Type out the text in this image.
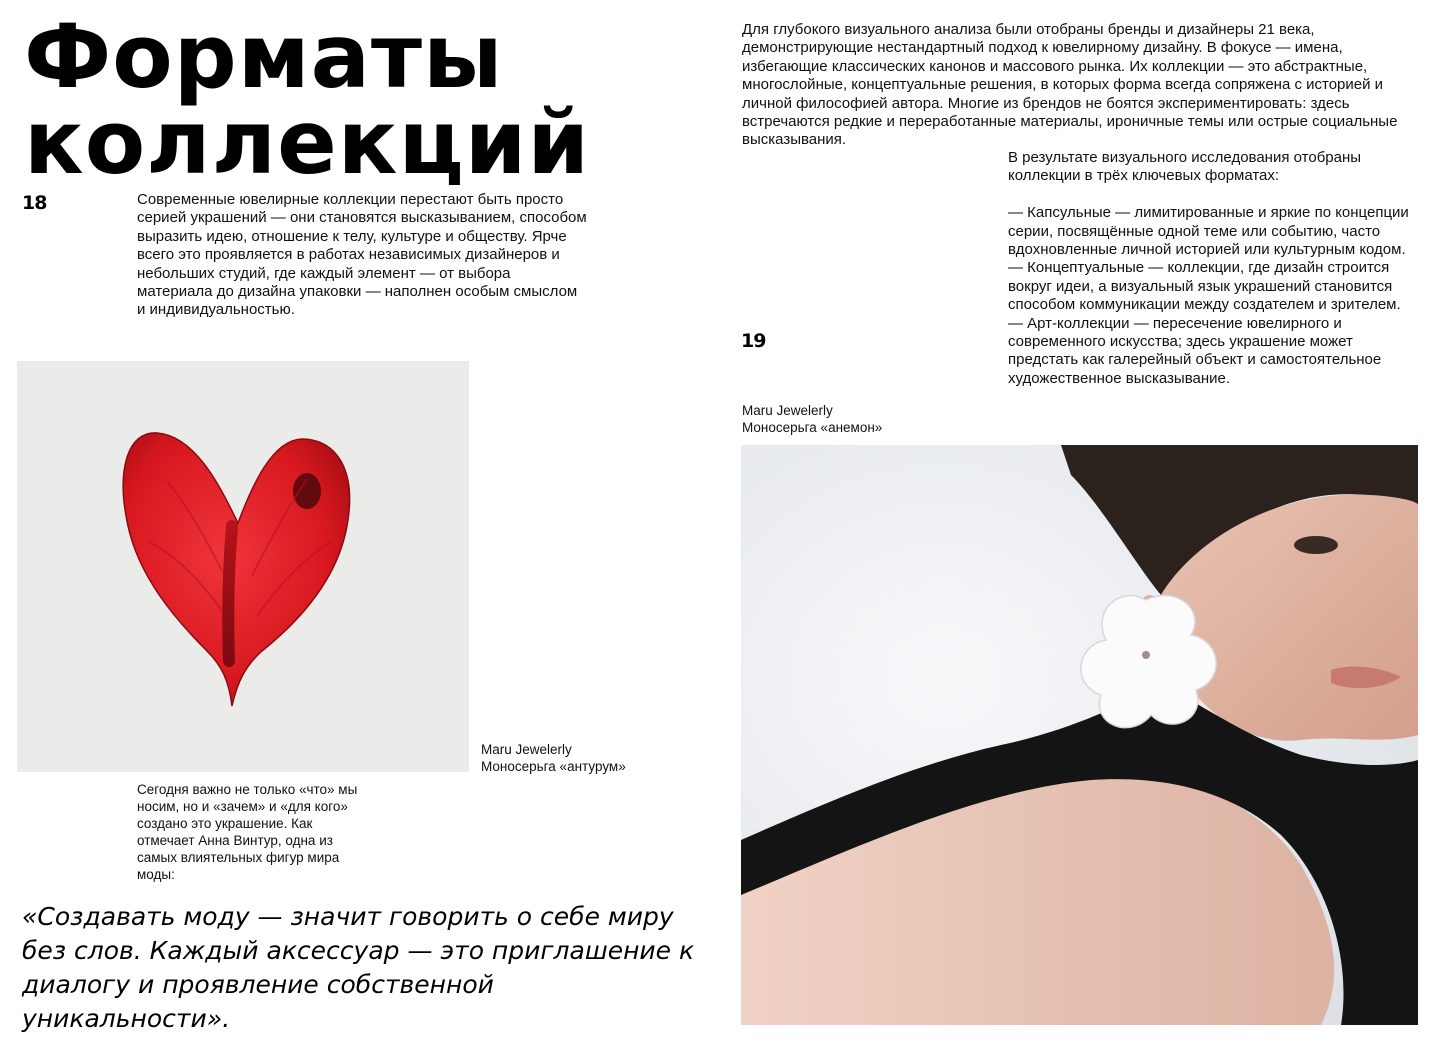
Форматы
коллекций
18	Современные ювелирные коллекции перестают быть просто серией украшений — они становятся высказыванием, способом выразить идею, отношение к телу, культуре и обществу. Ярче всего это проявляется в работах независимых дизайнеров и небольших студий, где каждый элемент — от выбора материала до дизайна упаковки — наполнен особым смыслом и индивидуальностью.

Maru Jewelerly
Моносерьга «антурум»

Сегодня важно не только «что» мы носим, но и «зачем» и «для кого» создано это украшение. Как отмечает Анна Винтур, одна из самых влиятельных фигур мира моды:

«Создавать моду — значит говорить о себе миру без слов. Каждый аксессуар — это приглашение к диалогу и проявление собственной уникальности».

Для глубокого визуального анализа были отобраны бренды и дизайнеры 21 века, демонстрирующие нестандартный подход к ювелирному дизайну. В фокусе — имена, избегающие классических канонов и массового рынка. Их коллекции — это абстрактные, многослойные, концептуальные решения, в которых форма всегда сопряжена с историей и личной философией автора. Многие из брендов не боятся экспериментировать: здесь встречаются редкие и переработанные материалы, ироничные темы или острые социальные высказывания.

В результате визуального исследования отобраны коллекции в трёх ключевых форматах:

— Капсульные — лимитированные и яркие по концепции серии, посвящённые одной теме или событию, часто вдохновленные личной историей или культурным кодом.

— Концептуальные — коллекции, где дизайн строится вокруг идеи, а визуальный язык украшений становится способом коммуникации между создателем и зрителем.

— Арт-коллекции — пересечение ювелирного и современного искусства; здесь украшение может предстать как галерейный объект и самостоятельное художественное высказывание.

19
Maru Jewelerly
Моносерьга «анемон»
